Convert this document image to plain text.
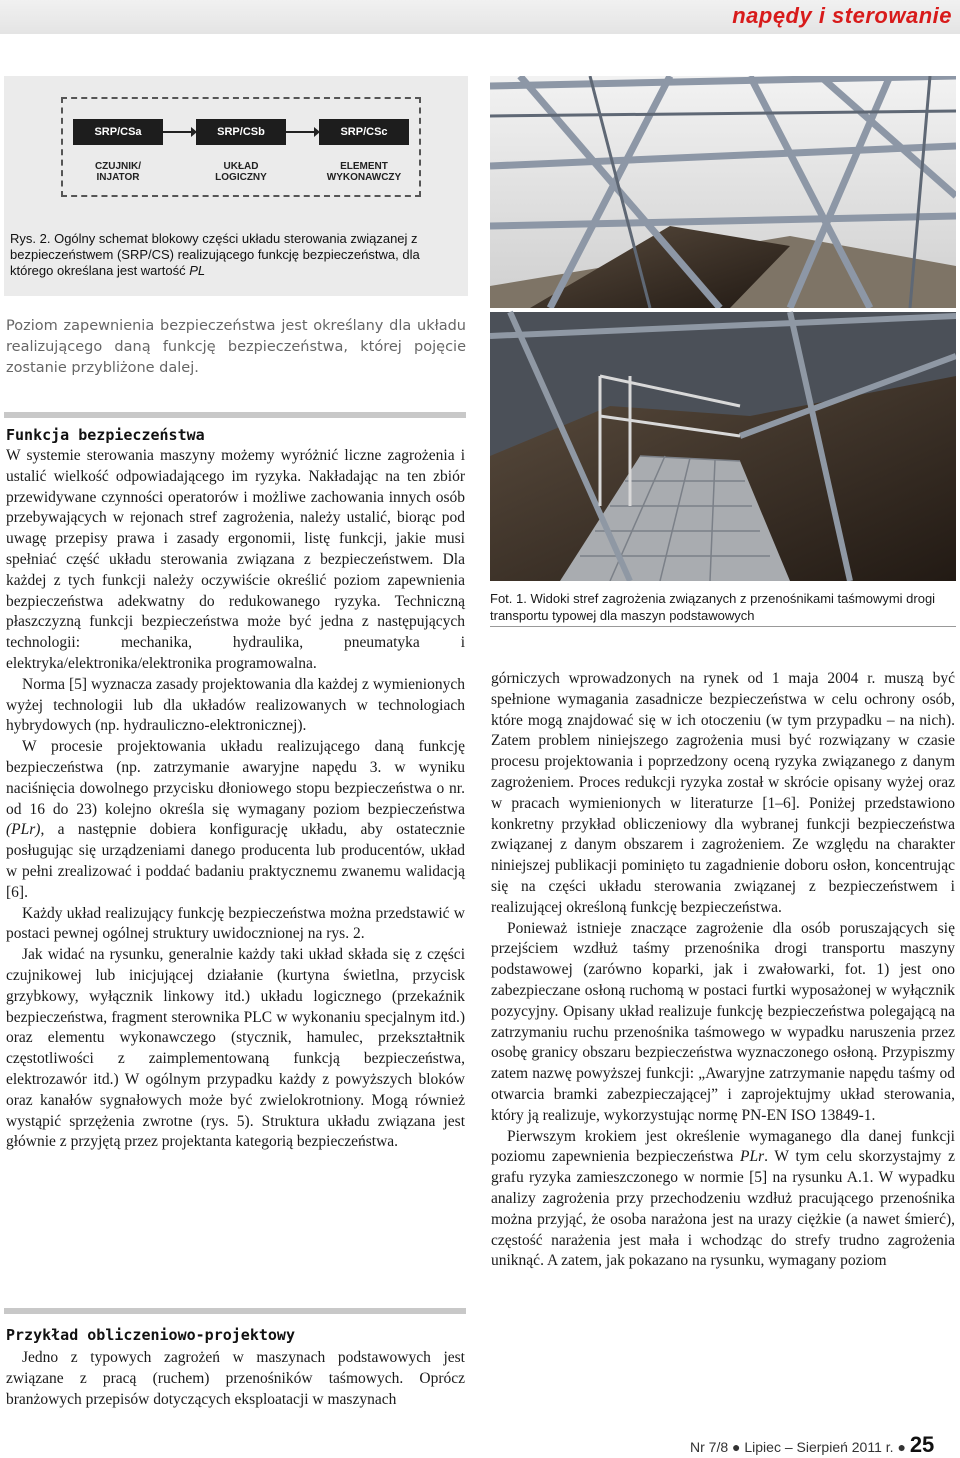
napędy i sterowanie
SRP/CSa	SRP/CSb	SRP/CSc
CZUJNIK/
INJATOR
UKŁAD
LOGICZNY
ELEMENT
WYKONAWCZY
Rys. 2. Ogólny schemat blokowy części układu sterowania związanej z bezpieczeństwem (SRP/CS) realizującego funkcję bezpieczeństwa, dla którego określana jest wartość PL

Poziom zapewnienia bezpieczeństwa jest określany dla układu realizującego daną funkcję bezpieczeństwa, której pojęcie zostanie przybliżone dalej.

Funkcja bezpieczeństwa

W systemie sterowania maszyny możemy wyróżnić liczne zagrożenia i ustalić wielkość odpowiadającego im ryzyka. Nakładając na ten zbiór przewidywane czynności operatorów i możliwe zachowania innych osób przebywających w rejonach stref zagrożenia, należy ustalić, biorąc pod uwagę przepisy prawa i zasady ergonomii, listę funkcji, jakie musi spełniać część układu sterowania związana z bezpieczeństwem. Dla każdej z tych funkcji należy oczywiście określić poziom zapewnienia bezpieczeństwa adekwatny do redukowanego ryzyka. Techniczną płaszczyzną funkcji bezpieczeństwa może być jedna z następujących technologii: mechanika, hydraulika, pneumatyka i elektryka/elektronika/elektronika programowalna.

Norma [5] wyznacza zasady projektowania dla każdej z wymienionych wyżej technologii lub dla układów realizowanych w technologiach hybrydowych (np. hydrauliczno-elektronicznej).

W procesie projektowania układu realizującego daną funkcję bezpieczeństwa (np. zatrzymanie awaryjne napędu 3. w wyniku naciśnięcia dowolnego przycisku dłoniowego stopu bezpieczeństwa o nr. od 16 do 23) kolejno określa się wymagany poziom bezpieczeństwa (PLr), a następnie dobiera konfigurację układu, aby ostatecznie posługując się urządzeniami danego producenta lub producentów, układ w pełni zrealizować i poddać badaniu praktycznemu zwanemu walidacją [6].

Każdy układ realizujący funkcję bezpieczeństwa można przedstawić w postaci pewnej ogólnej struktury uwidocznionej na rys. 2.

Jak widać na rysunku, generalnie każdy taki układ składa się z części czujnikowej lub inicjującej działanie (kurtyna świetlna, przycisk grzybkowy, wyłącznik linkowy itd.) układu logicznego (przekaźnik bezpieczeństwa, fragment sterownika PLC w wykonaniu specjalnym itd.) oraz elementu wykonawczego (stycznik, hamulec, przekształtnik częstotliwości z zaimplementowaną funkcją bezpieczeństwa, elektrozawór itd.) W ogólnym przypadku każdy z powyższych bloków oraz kanałów sygnałowych może być zwielokrotniony. Mogą również wystąpić sprzężenia zwrotne (rys. 5). Struktura układu związana jest głównie z przyjętą przez projektanta kategorią bezpieczeństwa.

Przykład obliczeniowo-projektowy

Jedno z typowych zagrożeń w maszynach podstawowych jest związane z pracą (ruchem) przenośników taśmowych. Oprócz branżowych przepisów dotyczących eksploatacji w maszynach

Fot. 1. Widoki stref zagrożenia związanych z przenośnikami taśmowymi drogi transportu typowej dla maszyn podstawowych

górniczych wprowadzonych na rynek od 1 maja 2004 r. muszą być spełnione wymagania zasadnicze bezpieczeństwa w celu ochrony osób, które mogą znajdować się w ich otoczeniu (w tym przypadku – na nich). Zatem problem niniejszego zagrożenia musi być rozwiązany w czasie procesu projektowania i poprzedzony oceną ryzyka związanego z danym zagrożeniem. Proces redukcji ryzyka został w skrócie opisany wyżej oraz w pracach wymienionych w literaturze [1–6]. Poniżej przedstawiono konkretny przykład obliczeniowy dla wybranej funkcji bezpieczeństwa związanej z danym obszarem i zagrożeniem. Ze względu na charakter niniejszej publikacji pominięto tu zagadnienie doboru osłon, koncentrując się na części układu sterowania związanej z bezpieczeństwem i realizującej określoną funkcję bezpieczeństwa.

Ponieważ istnieje znaczące zagrożenie dla osób poruszających się przejściem wzdłuż taśmy przenośnika drogi transportu maszyny podstawowej (zarówno koparki, jak i zwałowarki, fot. 1) jest ono zabezpieczane osłoną ruchomą w postaci furtki wyposażonej w wyłącznik pozycyjny. Opisany układ realizuje funkcję bezpieczeństwa polegającą na zatrzymaniu ruchu przenośnika taśmowego w wypadku naruszenia przez osobę granicy obszaru bezpieczeństwa wyznaczonego osłoną. Przypiszmy zatem nazwę powyższej funkcji: „Awaryjne zatrzymanie napędu taśmy od otwarcia bramki zabezpieczającej” i zaprojektujmy układ sterowania, który ją realizuje, wykorzystując normę PN-EN ISO 13849-1.

Pierwszym krokiem jest określenie wymaganego dla danej funkcji poziomu zapewnienia bezpieczeństwa PLr. W tym celu skorzystajmy z grafu ryzyka zamieszczonego w normie [5] na rysunku A.1. W wypadku analizy zagrożenia przy przechodzeniu wzdłuż pracującego przenośnika można przyjąć, że osoba narażona jest na urazy ciężkie (a nawet śmierć), częstość narażenia jest mała i wchodząc do strefy trudno zagrożenia uniknąć. A zatem, jak pokazano na rysunku, wymagany poziom

Nr 7/8 ● Lipiec – Sierpień 2011 r. ● 25
